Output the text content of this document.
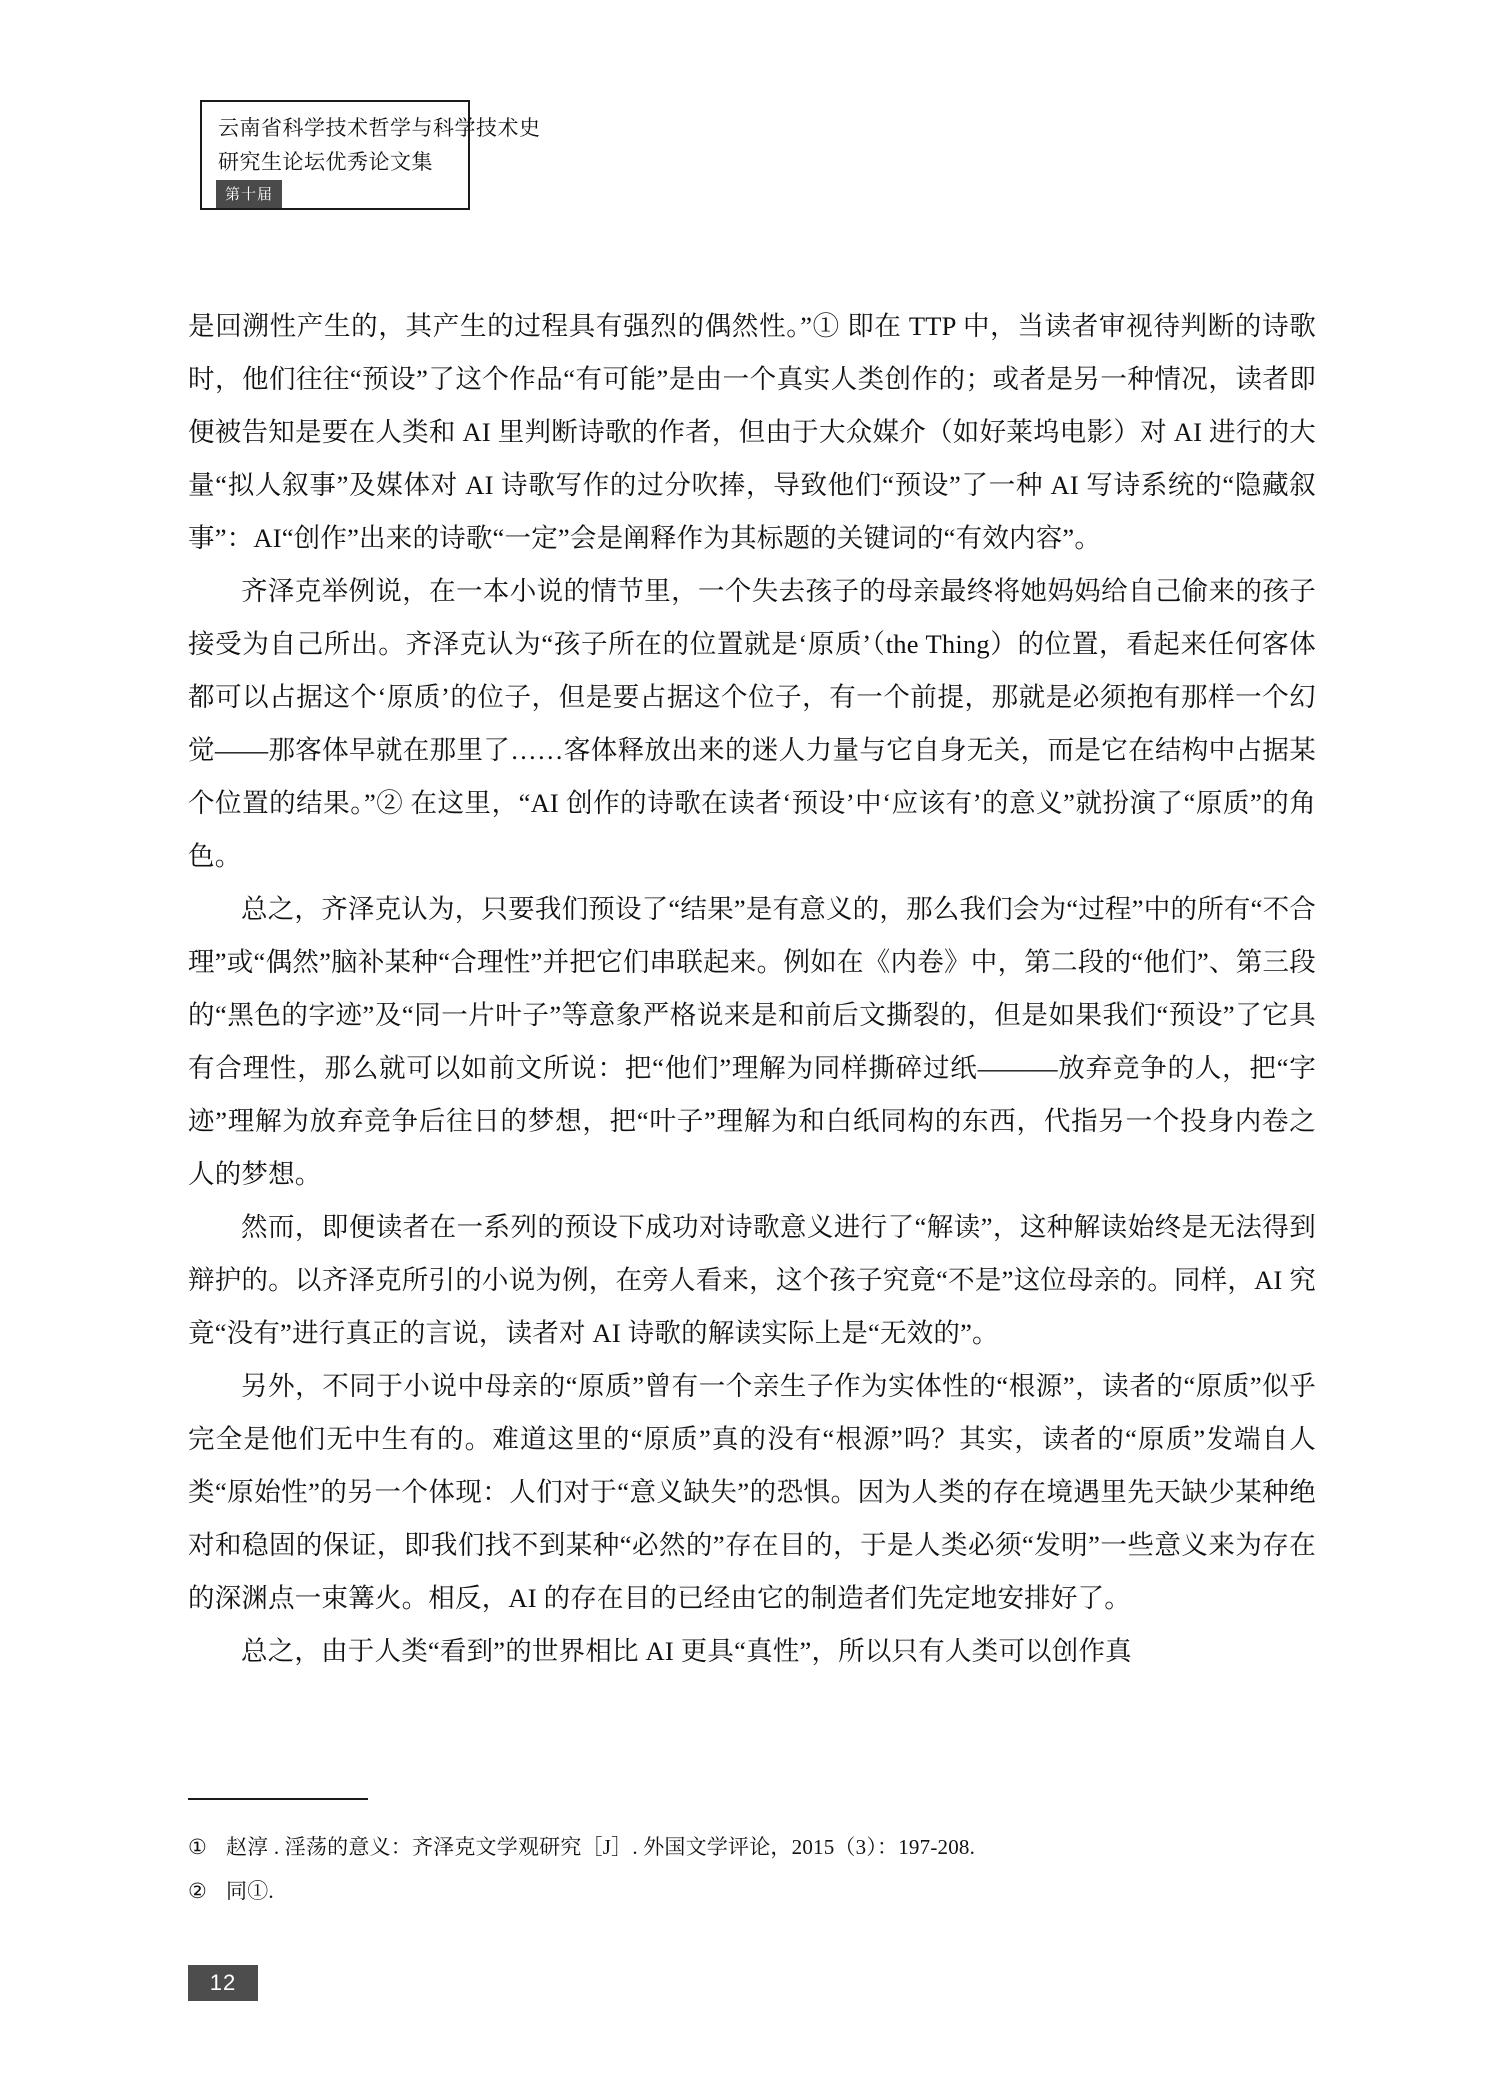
云南省科学技术哲学与科学技术史
研究生论坛优秀论文集
第十届

是回溯性产生的，其产生的过程具有强烈的偶然性。”① 即在 TTP 中，当读者审视待判断的诗歌时，他们往往“预设”了这个作品“有可能”是由一个真实人类创作的；或者是另一种情况，读者即便被告知是要在人类和 AI 里判断诗歌的作者，但由于大众媒介（如好莱坞电影）对 AI 进行的大量“拟人叙事”及媒体对 AI 诗歌写作的过分吹捧，导致他们“预设”了一种 AI 写诗系统的“隐藏叙事”：AI“创作”出来的诗歌“一定”会是阐释作为其标题的关键词的“有效内容”。

齐泽克举例说，在一本小说的情节里，一个失去孩子的母亲最终将她妈妈给自己偷来的孩子接受为自己所出。齐泽克认为“孩子所在的位置就是‘原质’（the Thing）的位置，看起来任何客体都可以占据这个‘原质’的位子，但是要占据这个位子，有一个前提，那就是必须抱有那样一个幻觉——那客体早就在那里了……客体释放出来的迷人力量与它自身无关，而是它在结构中占据某个位置的结果。”② 在这里，“AI 创作的诗歌在读者‘预设’中‘应该有’的意义”就扮演了“原质”的角色。

总之，齐泽克认为，只要我们预设了“结果”是有意义的，那么我们会为“过程”中的所有“不合理”或“偶然”脑补某种“合理性”并把它们串联起来。例如在《内卷》中，第二段的“他们”、第三段的“黑色的字迹”及“同一片叶子”等意象严格说来是和前后文撕裂的，但是如果我们“预设”了它具有合理性，那么就可以如前文所说：把“他们”理解为同样撕碎过纸———放弃竞争的人，把“字迹”理解为放弃竞争后往日的梦想，把“叶子”理解为和白纸同构的东西，代指另一个投身内卷之人的梦想。

然而，即便读者在一系列的预设下成功对诗歌意义进行了“解读”，这种解读始终是无法得到辩护的。以齐泽克所引的小说为例，在旁人看来，这个孩子究竟“不是”这位母亲的。同样，AI 究竟“没有”进行真正的言说，读者对 AI 诗歌的解读实际上是“无效的”。

另外，不同于小说中母亲的“原质”曾有一个亲生子作为实体性的“根源”，读者的“原质”似乎完全是他们无中生有的。难道这里的“原质”真的没有“根源”吗？其实，读者的“原质”发端自人类“原始性”的另一个体现：人们对于“意义缺失”的恐惧。因为人类的存在境遇里先天缺少某种绝对和稳固的保证，即我们找不到某种“必然的”存在目的，于是人类必须“发明”一些意义来为存在的深渊点一束篝火。相反，AI 的存在目的已经由它的制造者们先定地安排好了。

总之，由于人类“看到”的世界相比 AI 更具“真性”，所以只有人类可以创作真

① 赵淳 . 淫荡的意义：齐泽克文学观研究［J］. 外国文学评论，2015（3）：197-208.
② 同①.
12
